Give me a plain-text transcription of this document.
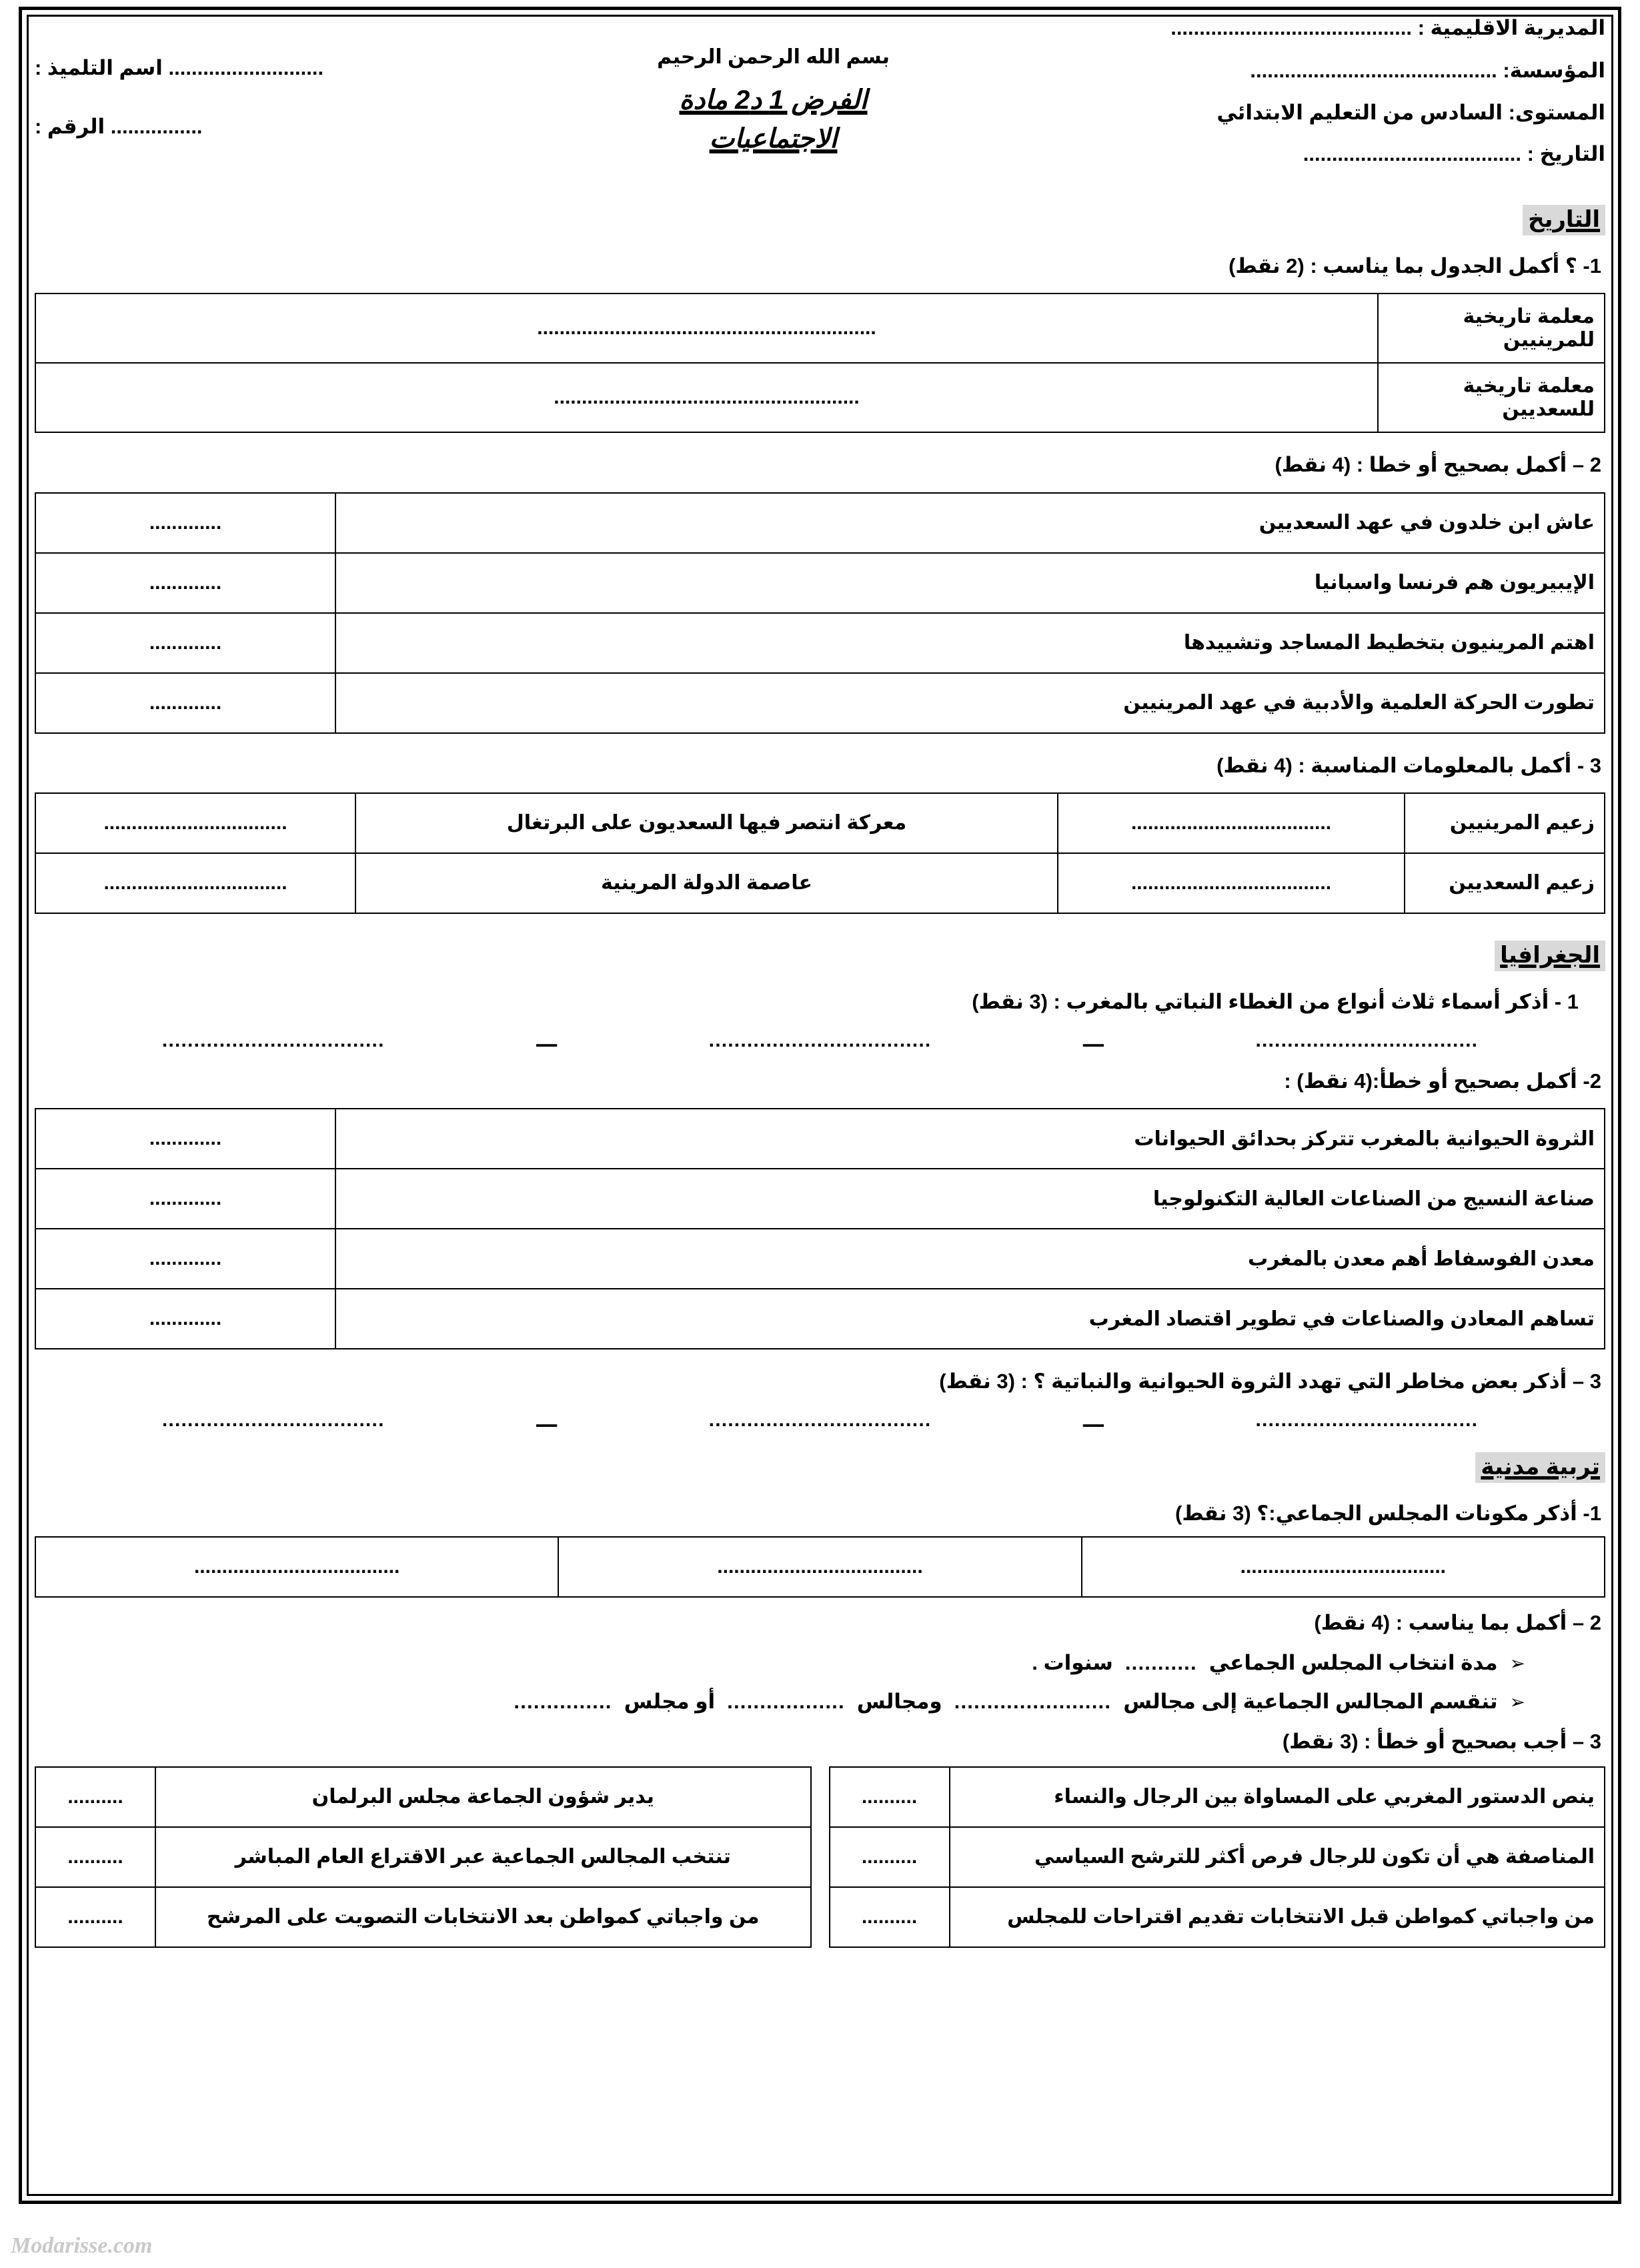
المديرية الاقليمية : ..........................................
المؤسسة: ...........................................
المستوى: السادس من التعليم الابتدائي
التاريخ : ......................................
بسم الله الرحمن الرحيم
الفرض 1 د2 مادة
الاجتماعيات
........................... اسم التلميذ :
................ الرقم :
التاريخ
1- ؟ أكمل الجدول بما يناسب : (2 نقط)
معلمة تاريخية للمرينيين	.............................................................
معلمة تاريخية للسعديين	.......................................................
2 – أكمل بصحيح أو خطا : (4 نقط)
عاش ابن خلدون في عهد السعديين	.............
الإيبيريون هم فرنسا واسبانيا	.............
اهتم المرينيون بتخطيط المساجد وتشييدها	.............
تطورت الحركة العلمية والأدبية في عهد المرينيين	.............
3 - أكمل بالمعلومات المناسبة : (4 نقط)
زعيم المرينيين	....................................	معركة انتصر فيها السعديون على البرتغال	.................................
زعيم السعديين	....................................	عاصمة الدولة المرينية	.................................
الجغرافيا
1 - أذكر أسماء ثلاث أنواع من الغطاء النباتي بالمغرب : (3 نقط)
...................................
ـــ
...................................
ـــ
...................................
2- أكمل بصحيح أو خطأ:(4 نقط) :
الثروة الحيوانية بالمغرب تتركز بحدائق الحيوانات	.............
صناعة النسيج من الصناعات العالية التكنولوجيا	.............
معدن الفوسفاط أهم معدن بالمغرب	.............
تساهم المعادن والصناعات في تطوير اقتصاد المغرب	.............
3 – أذكر بعض مخاطر التي تهدد الثروة الحيوانية والنباتية ؟ : (3 نقط)
...................................
ـــ
...................................
ـــ
...................................
تربية مدنية
1- أذكر مكونات المجلس الجماعي:؟ (3 نقط)
.....................................	.....................................	.....................................
2 – أكمل بما يناسب : (4 نقط)
➢
مدة انتخاب المجلس الجماعي
...........
سنوات .
➢
تنقسم المجالس الجماعية إلى مجالس
........................
ومجالس
..................
أو مجلس
...............
3 – أجب بصحيح أو خطأ : (3 نقط)
ينص الدستور المغربي على المساواة بين الرجال والنساء	..........
المناصفة هي أن تكون للرجال فرص أكثر للترشح السياسي	..........
من واجباتي كمواطن قبل الانتخابات تقديم اقتراحات للمجلس	..........
يدير شؤون الجماعة مجلس البرلمان	..........
تنتخب المجالس الجماعية عبر الاقتراع العام المباشر	..........
من واجباتي كمواطن بعد الانتخابات التصويت على المرشح	..........
Modarisse.com
